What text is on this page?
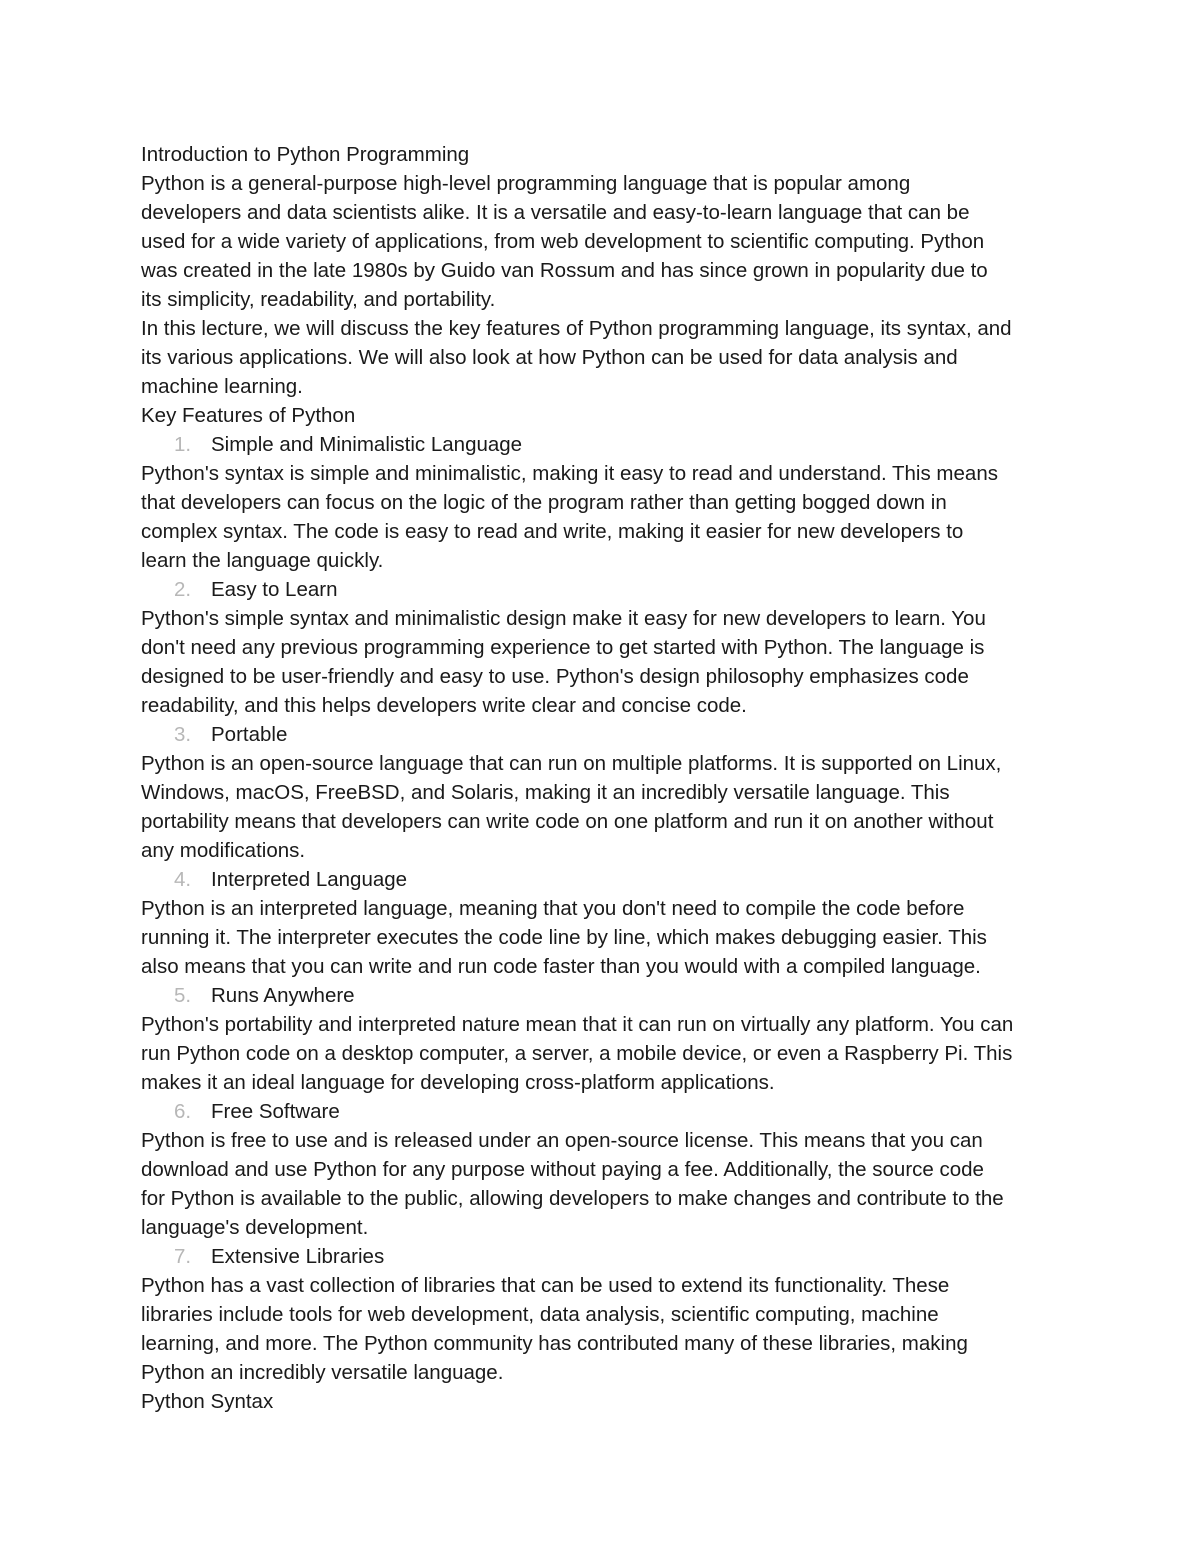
Introduction to Python Programming
Python is a general-purpose high-level programming language that is popular among
developers and data scientists alike. It is a versatile and easy-to-learn language that can be
used for a wide variety of applications, from web development to scientific computing. Python
was created in the late 1980s by Guido van Rossum and has since grown in popularity due to
its simplicity, readability, and portability.
In this lecture, we will discuss the key features of Python programming language, its syntax, and
its various applications. We will also look at how Python can be used for data analysis and
machine learning.
Key Features of Python
1. Simple and Minimalistic Language
Python's syntax is simple and minimalistic, making it easy to read and understand. This means
that developers can focus on the logic of the program rather than getting bogged down in
complex syntax. The code is easy to read and write, making it easier for new developers to
learn the language quickly.
2. Easy to Learn
Python's simple syntax and minimalistic design make it easy for new developers to learn. You
don't need any previous programming experience to get started with Python. The language is
designed to be user-friendly and easy to use. Python's design philosophy emphasizes code
readability, and this helps developers write clear and concise code.
3. Portable
Python is an open-source language that can run on multiple platforms. It is supported on Linux,
Windows, macOS, FreeBSD, and Solaris, making it an incredibly versatile language. This
portability means that developers can write code on one platform and run it on another without
any modifications.
4. Interpreted Language
Python is an interpreted language, meaning that you don't need to compile the code before
running it. The interpreter executes the code line by line, which makes debugging easier. This
also means that you can write and run code faster than you would with a compiled language.
5. Runs Anywhere
Python's portability and interpreted nature mean that it can run on virtually any platform. You can
run Python code on a desktop computer, a server, a mobile device, or even a Raspberry Pi. This
makes it an ideal language for developing cross-platform applications.
6. Free Software
Python is free to use and is released under an open-source license. This means that you can
download and use Python for any purpose without paying a fee. Additionally, the source code
for Python is available to the public, allowing developers to make changes and contribute to the
language's development.
7. Extensive Libraries
Python has a vast collection of libraries that can be used to extend its functionality. These
libraries include tools for web development, data analysis, scientific computing, machine
learning, and more. The Python community has contributed many of these libraries, making
Python an incredibly versatile language.
Python Syntax
